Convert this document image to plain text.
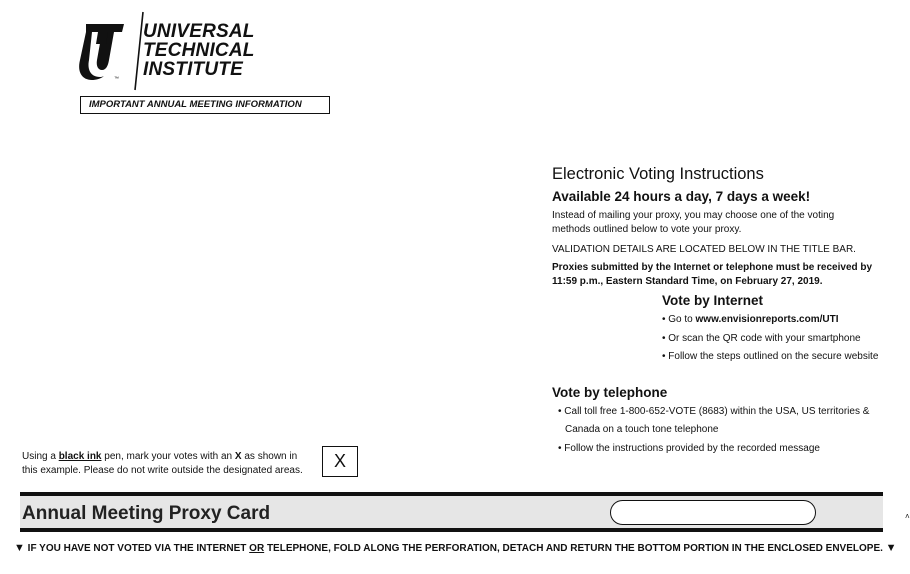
UNIVERSAL
TECHNICAL
INSTITUTE
™
IMPORTANT ANNUAL MEETING INFORMATION
Electronic Voting Instructions
Available 24 hours a day, 7 days a week!
Instead of mailing your proxy, you may choose one of the voting
methods outlined below to vote your proxy.
VALIDATION DETAILS ARE LOCATED BELOW IN THE TITLE BAR.
Proxies submitted by the Internet or telephone must be received by
11:59 p.m., Eastern Standard Time, on February 27, 2019.
Vote by Internet
• Go to www.envisionreports.com/UTI
• Or scan the QR code with your smartphone
• Follow the steps outlined on the secure website
Vote by telephone
• Call toll free 1-800-652-VOTE (8683) within the USA, US territories &
Canada on a touch tone telephone
• Follow the instructions provided by the recorded message
Using a black ink pen, mark your votes with an X as shown in this example. Please do not write outside the designated areas.	X
Annual Meeting Proxy Card
▼ IF YOU HAVE NOT VOTED VIA THE INTERNET OR TELEPHONE, FOLD ALONG THE PERFORATION, DETACH AND RETURN THE BOTTOM PORTION IN THE ENCLOSED ENVELOPE. ▼
˄
